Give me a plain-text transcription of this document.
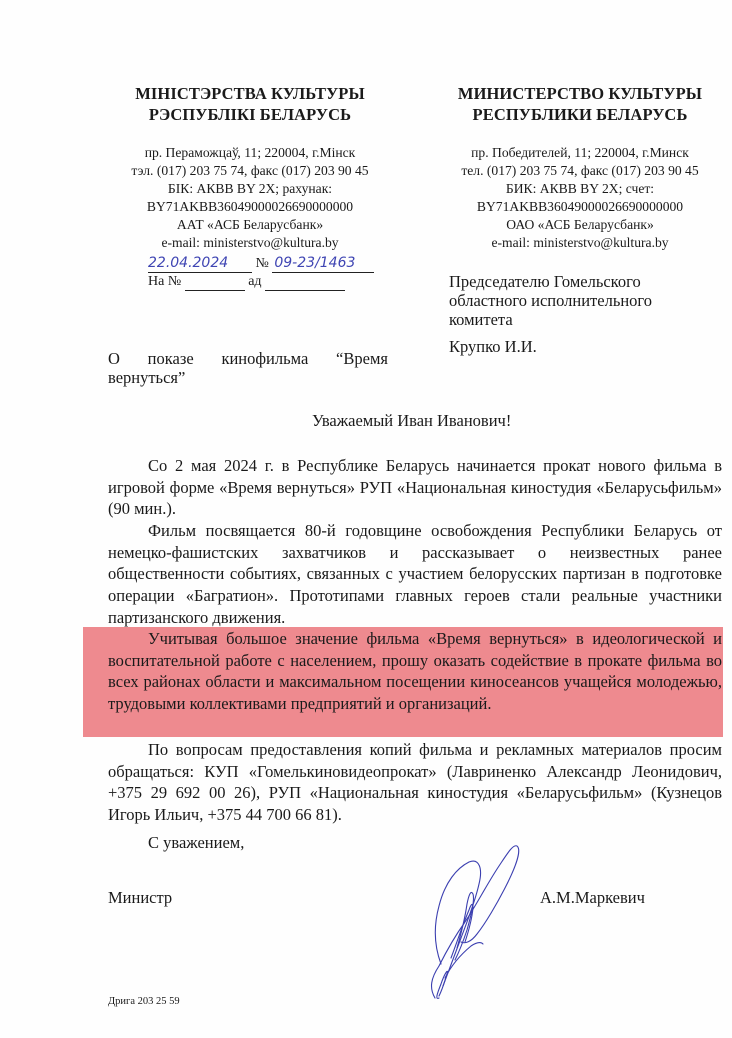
МІНІСТЭРСТВА КУЛЬТУРЫ
РЭСПУБЛІКІ БЕЛАРУСЬ
пр. Пераможцаў, 11; 220004, г.Мінск
тэл. (017) 203 75 74, факс (017) 203 90 45
БІК: АКВВ BY 2X; рахунак:
BY71AKBB36049000026690000000
ААТ «АСБ Беларусбанк»
e-mail: ministerstvo@kultura.by
МИНИСТЕРСТВО КУЛЬТУРЫ
РЕСПУБЛИКИ БЕЛАРУСЬ
пр. Победителей, 11; 220004, г.Минск
тел. (017) 203 75 74, факс (017) 203 90 45
БИК: АКВВ BY 2X; счет:
BY71AKBB36049000026690000000
ОАО «АСБ Беларусбанк»
e-mail: ministerstvo@kultura.by
22.04.2024 № 09-23/1463
На №	ад	Председателю Гомельского
областного исполнительного
комитета
Крупко И.И.
О показе кинофильма “Время
вернуться”
Уважаемый Иван Иванович!

Со 2 мая 2024 г. в Республике Беларусь начинается прокат нового фильма в игровой форме «Время вернуться» РУП «Национальная киностудия «Беларусьфильм» (90 мин.).

Фильм посвящается 80-й годовщине освобождения Республики Беларусь от немецко-фашистских захватчиков и рассказывает о неизвестных ранее общественности событиях, связанных с участием белорусских партизан в подготовке операции «Багратион». Прототипами главных героев стали реальные участники партизанского движения.

Учитывая большое значение фильма «Время вернуться» в идеологической и воспитательной работе с населением, прошу оказать содействие в прокате фильма во всех районах области и максимальном посещении киносеансов учащейся молодежью, трудовыми коллективами предприятий и организаций.

По вопросам предоставления копий фильма и рекламных материалов просим обращаться: КУП «Гомелькиновидеопрокат» (Лавриненко Александр Леонидович, +375 29 692 00 26), РУП «Национальная киностудия «Беларусьфильм» (Кузнецов Игорь Ильич, +375 44 700 66 81).

С уважением,
Министр	А.М.Маркевич
Дрига 203 25 59
